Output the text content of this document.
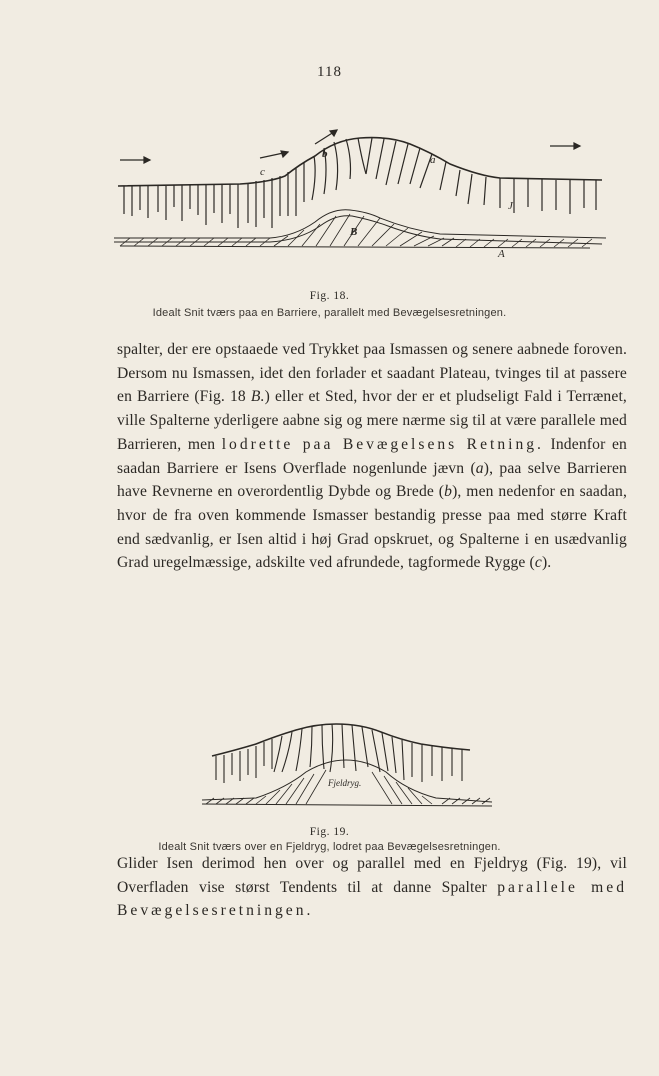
118
b
c
a
J
B
A
Fig. 18.
Idealt Snit tværs paa en Barriere, parallelt med Bevægelsesretningen.
spalter, der ere opstaaede ved Trykket paa Ismassen og senere aabnede foroven. Dersom nu Ismassen, idet den forlader et saadant Plateau, tvinges til at passere en Barriere (Fig. 18 B.) eller et Sted, hvor der er et pludseligt Fald i Terrænet, ville Spalterne yderligere aabne sig og mere nærme sig til at være parallele med Barrieren, men lodrette paa Bevægelsens Retning. Indenfor en saadan Barriere er Isens Overflade nogenlunde jævn (a), paa selve Barrieren have Revnerne en overordentlig Dybde og Brede (b), men nedenfor en saadan, hvor de fra oven kommende Ismasser bestandig presse paa med større Kraft end sædvanlig, er Isen altid i høj Grad opskruet, og Spalterne i en usædvanlig Grad uregelmæssige, adskilte ved afrundede, tagformede Rygge (c).
Fjeldryg.
Fig. 19.
Idealt Snit tværs over en Fjeldryg, lodret paa Bevægelsesretningen.
Glider Isen derimod hen over og parallel med en Fjeldryg (Fig. 19), vil Overfladen vise størst Tendents til at danne Spalter parallele med Bevægelsesretningen.
